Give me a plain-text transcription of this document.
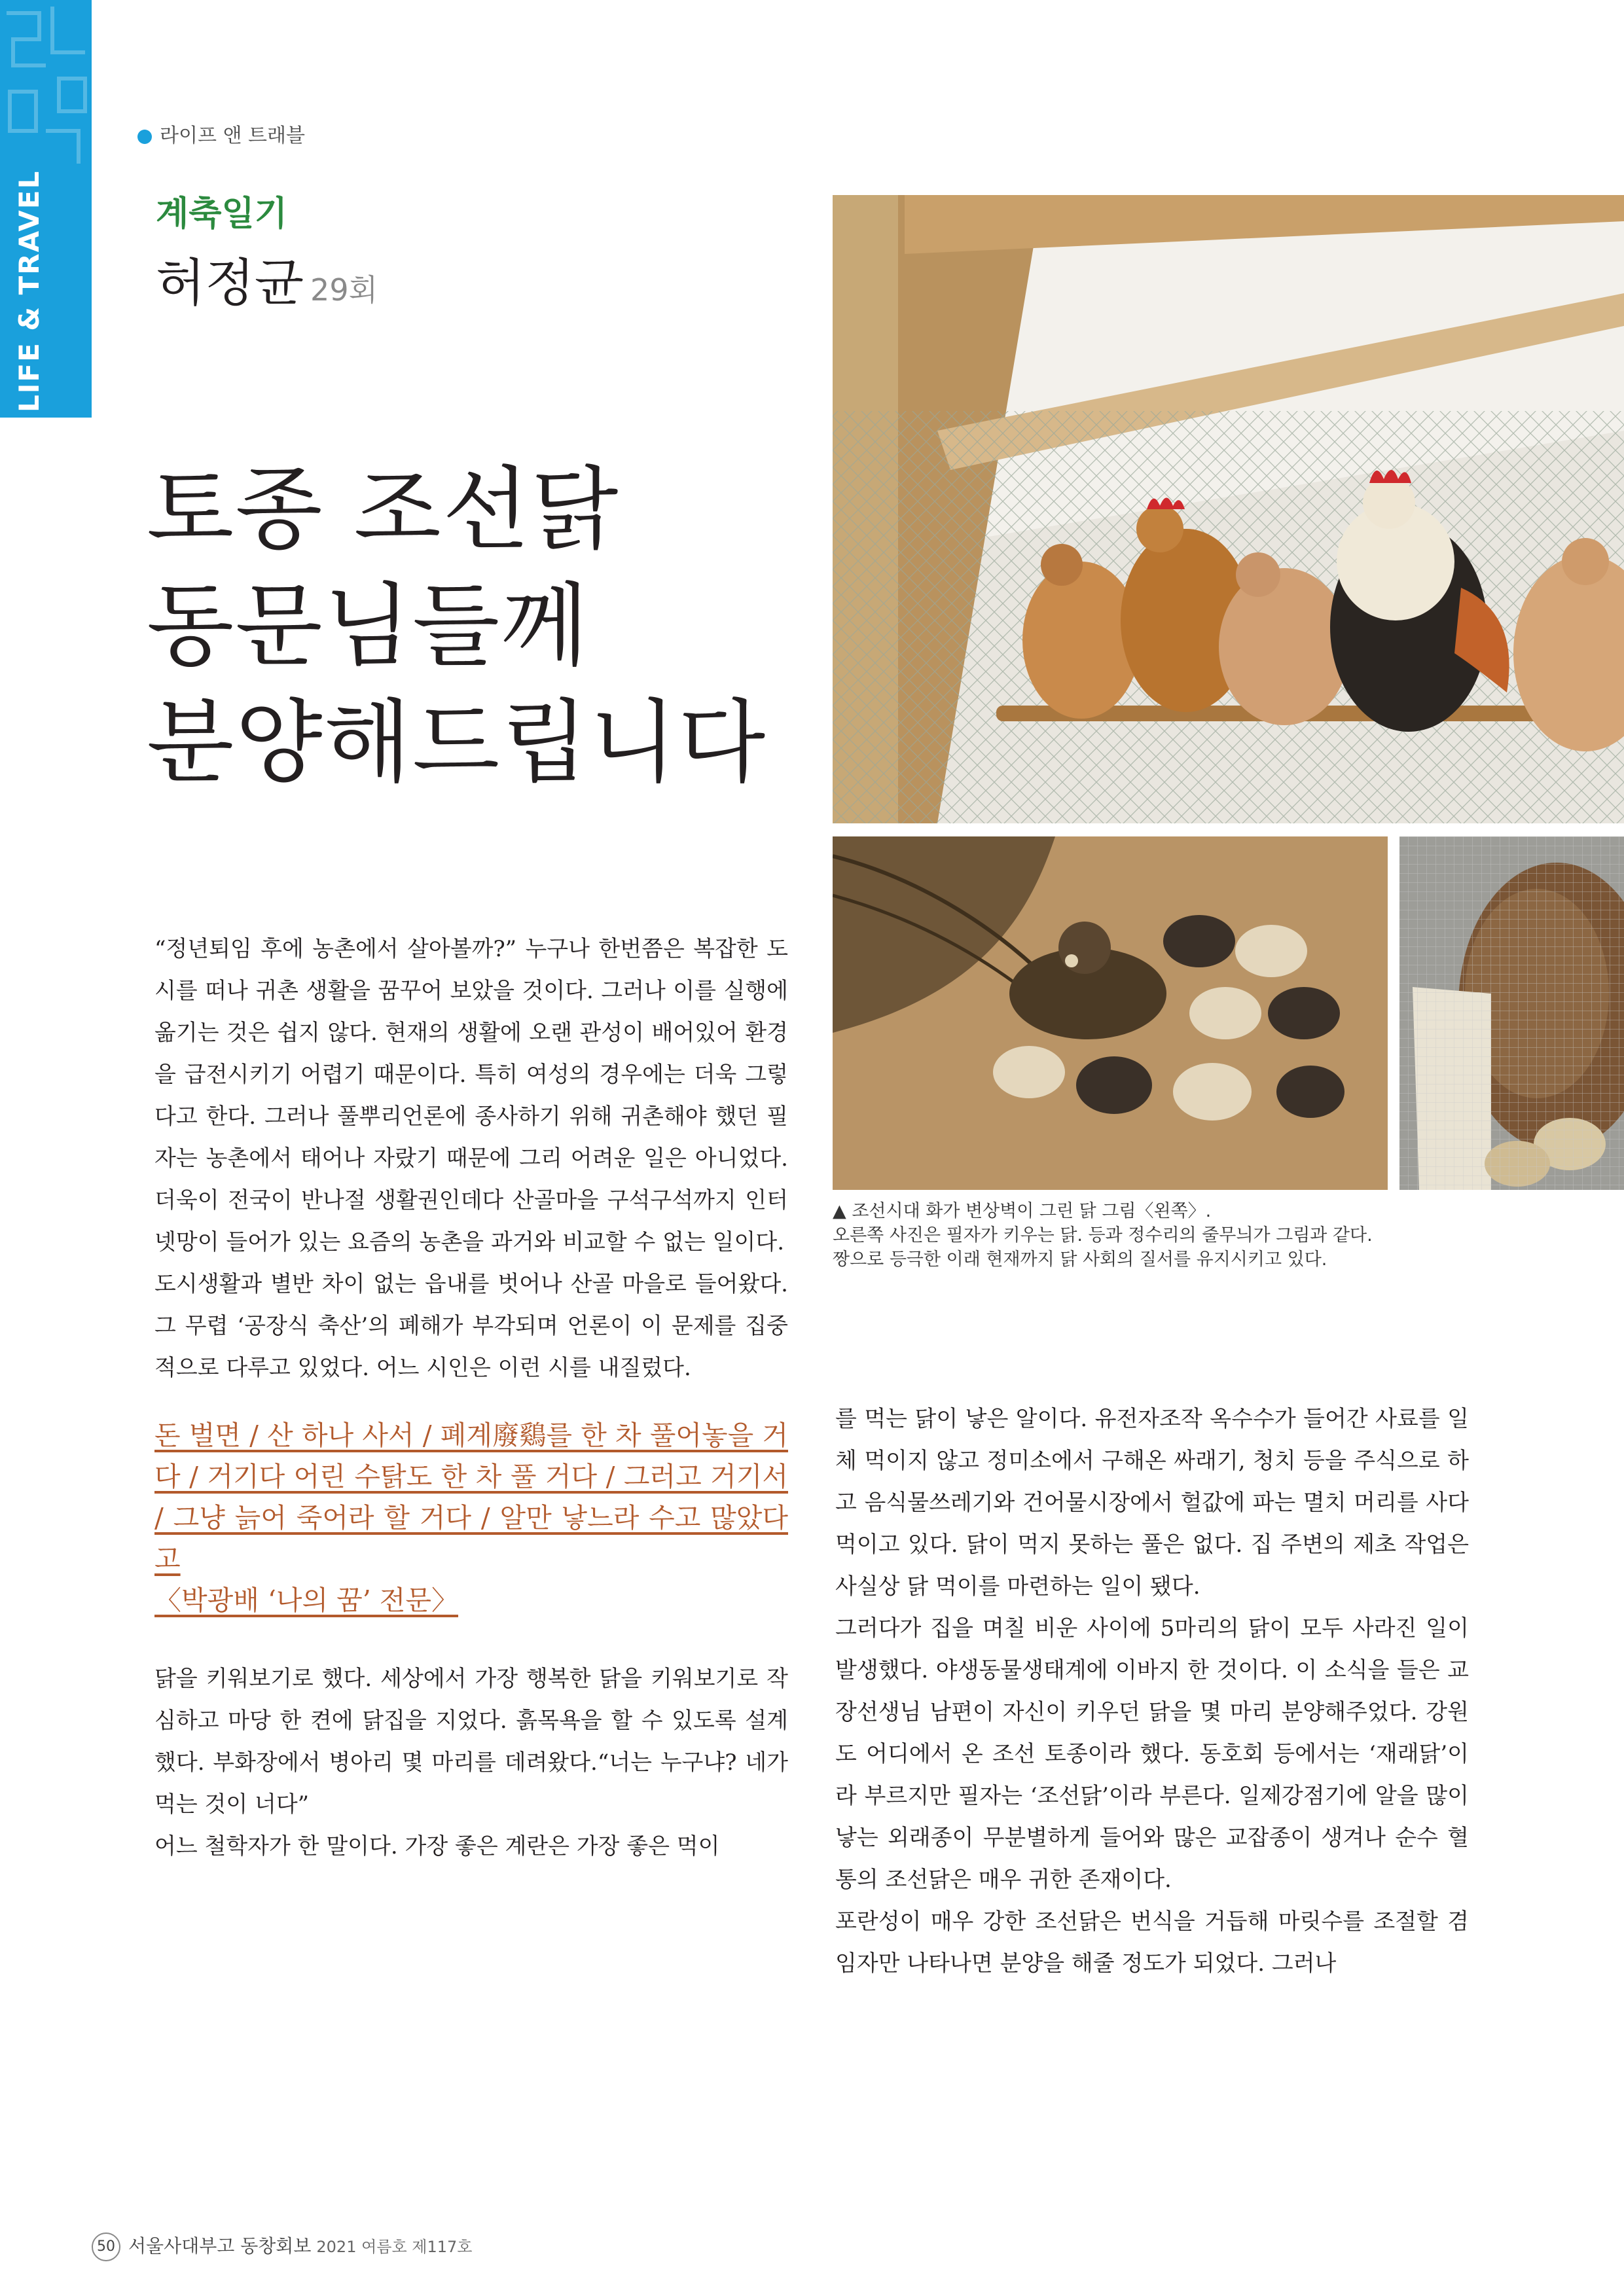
LIFE & TRAVEL
라이프 앤 트래블
계축일기
허정균 29회
토종 조선닭
동문님들께
분양해드립니다
▲ 조선시대 화가 변상벽이 그린 닭 그림〈왼쪽〉.
오른쪽 사진은 필자가 키우는 닭. 등과 정수리의 줄무늬가 그림과 같다.
짱으로 등극한 이래 현재까지 닭 사회의 질서를 유지시키고 있다.

“정년퇴임 후에 농촌에서 살아볼까?” 누구나 한번쯤은 복잡한 도시를 떠나 귀촌 생활을 꿈꾸어 보았을 것이다. 그러나 이를 실행에 옮기는 것은 쉽지 않다. 현재의 생활에 오랜 관성이 배어있어 환경을 급전시키기 어렵기 때문이다. 특히 여성의 경우에는 더욱 그렇다고 한다. 그러나 풀뿌리언론에 종사하기 위해 귀촌해야 했던 필자는 농촌에서 태어나 자랐기 때문에 그리 어려운 일은 아니었다. 더욱이 전국이 반나절 생활권인데다 산골마을 구석구석까지 인터넷망이 들어가 있는 요즘의 농촌을 과거와 비교할 수 없는 일이다.

도시생활과 별반 차이 없는 읍내를 벗어나 산골 마을로 들어왔다. 그 무렵 ‘공장식 축산’의 폐해가 부각되며 언론이 이 문제를 집중적으로 다루고 있었다. 어느 시인은 이런 시를 내질렀다.

돈 벌면 / 산 하나 사서 / 폐계廢鷄를 한 차 풀어놓을 거다 / 거기다 어린 수탉도 한 차 풀 거다 / 그러고 거기서 / 그냥 늙어 죽어라 할 거다 / 알만 낳느라 수고 많았다고

〈박광배 ‘나의 꿈’ 전문〉

닭을 키워보기로 했다. 세상에서 가장 행복한 닭을 키워보기로 작심하고 마당 한 켠에 닭집을 지었다. 흙목욕을 할 수 있도록 설계했다. 부화장에서 병아리 몇 마리를 데려왔다.“너는 누구냐? 네가 먹는 것이 너다”

어느 철학자가 한 말이다. 가장 좋은 계란은 가장 좋은 먹이

를 먹는 닭이 낳은 알이다. 유전자조작 옥수수가 들어간 사료를 일체 먹이지 않고 정미소에서 구해온 싸래기, 청치 등을 주식으로 하고 음식물쓰레기와 건어물시장에서 헐값에 파는 멸치 머리를 사다 먹이고 있다. 닭이 먹지 못하는 풀은 없다. 집 주변의 제초 작업은 사실상 닭 먹이를 마련하는 일이 됐다.

그러다가 집을 며칠 비운 사이에 5마리의 닭이 모두 사라진 일이 발생했다. 야생동물생태계에 이바지 한 것이다. 이 소식을 들은 교장선생님 남편이 자신이 키우던 닭을 몇 마리 분양해주었다. 강원도 어디에서 온 조선 토종이라 했다. 동호회 등에서는 ‘재래닭’이라 부르지만 필자는 ‘조선닭’이라 부른다. 일제강점기에 알을 많이 낳는 외래종이 무분별하게 들어와 많은 교잡종이 생겨나 순수 혈통의 조선닭은 매우 귀한 존재이다.

포란성이 매우 강한 조선닭은 번식을 거듭해 마릿수를 조절할 겸 임자만 나타나면 분양을 해줄 정도가 되었다. 그러나

50 서울사대부고 동창회보 2021 여름호 제117호
